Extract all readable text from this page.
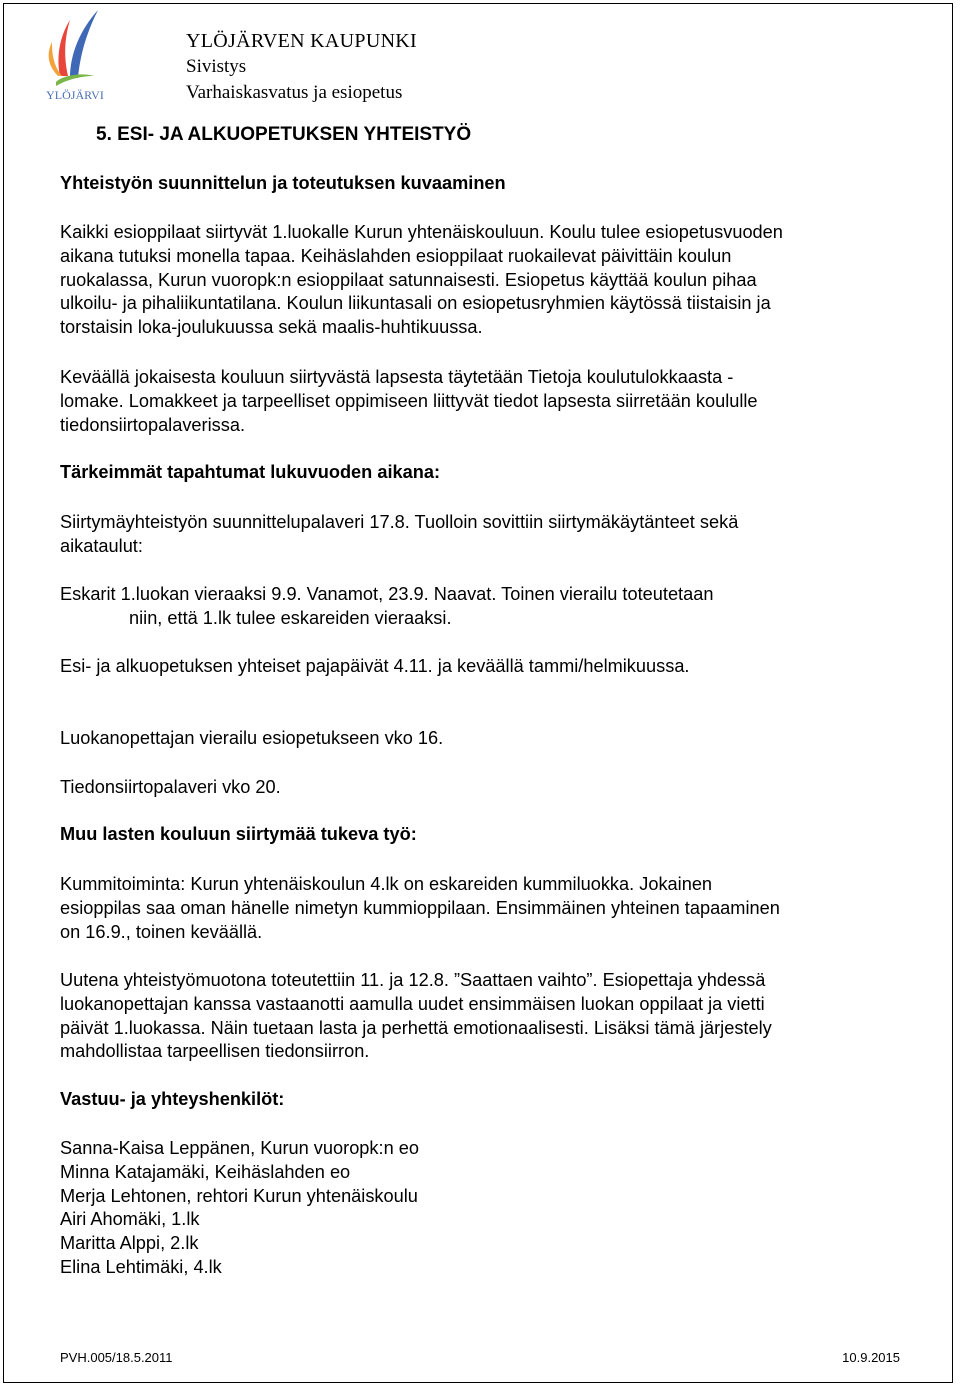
YLÖJÄRVI
YLÖJÄRVEN KAUPUNKI
Sivistys
Varhaiskasvatus ja esiopetus
5. ESI- JA ALKUOPETUKSEN YHTEISTYÖ
Yhteistyön suunnittelun ja toteutuksen kuvaaminen
Kaikki esioppilaat siirtyvät 1.luokalle Kurun yhtenäiskouluun. Koulu tulee esiopetusvuoden
aikana tutuksi monella tapaa. Keihäslahden esioppilaat ruokailevat päivittäin koulun
ruokalassa, Kurun vuoropk:n esioppilaat satunnaisesti. Esiopetus käyttää koulun pihaa
ulkoilu- ja pihaliikuntatilana. Koulun liikuntasali on esiopetusryhmien käytössä tiistaisin ja
torstaisin loka-joulukuussa sekä maalis-huhtikuussa.
Keväällä jokaisesta kouluun siirtyvästä lapsesta täytetään Tietoja koulutulokkaasta -
lomake. Lomakkeet ja tarpeelliset oppimiseen liittyvät tiedot lapsesta siirretään koululle
tiedonsiirtopalaverissa.
Tärkeimmät tapahtumat lukuvuoden aikana:
Siirtymäyhteistyön suunnittelupalaveri 17.8. Tuolloin sovittiin siirtymäkäytänteet sekä
aikataulut:
Eskarit 1.luokan vieraaksi 9.9. Vanamot, 23.9. Naavat. Toinen vierailu toteutetaan
niin, että 1.lk tulee eskareiden vieraaksi.
Esi- ja alkuopetuksen yhteiset pajapäivät 4.11. ja keväällä tammi/helmikuussa.
Luokanopettajan vierailu esiopetukseen vko 16.
Tiedonsiirtopalaveri vko 20.
Muu lasten kouluun siirtymää tukeva työ:
Kummitoiminta: Kurun yhtenäiskoulun 4.lk on eskareiden kummiluokka. Jokainen
esioppilas saa oman hänelle nimetyn kummioppilaan. Ensimmäinen yhteinen tapaaminen
on 16.9., toinen keväällä.
Uutena yhteistyömuotona toteutettiin 11. ja 12.8. ”Saattaen vaihto”. Esiopettaja yhdessä
luokanopettajan kanssa vastaanotti aamulla uudet ensimmäisen luokan oppilaat ja vietti
päivät 1.luokassa. Näin tuetaan lasta ja perhettä emotionaalisesti. Lisäksi tämä järjestely
mahdollistaa tarpeellisen tiedonsiirron.
Vastuu- ja yhteyshenkilöt:
Sanna-Kaisa Leppänen, Kurun vuoropk:n eo
Minna Katajamäki, Keihäslahden eo
Merja Lehtonen, rehtori Kurun yhtenäiskoulu
Airi Ahomäki, 1.lk
Maritta Alppi, 2.lk
Elina Lehtimäki, 4.lk
PVH.005/18.5.2011	10.9.2015
